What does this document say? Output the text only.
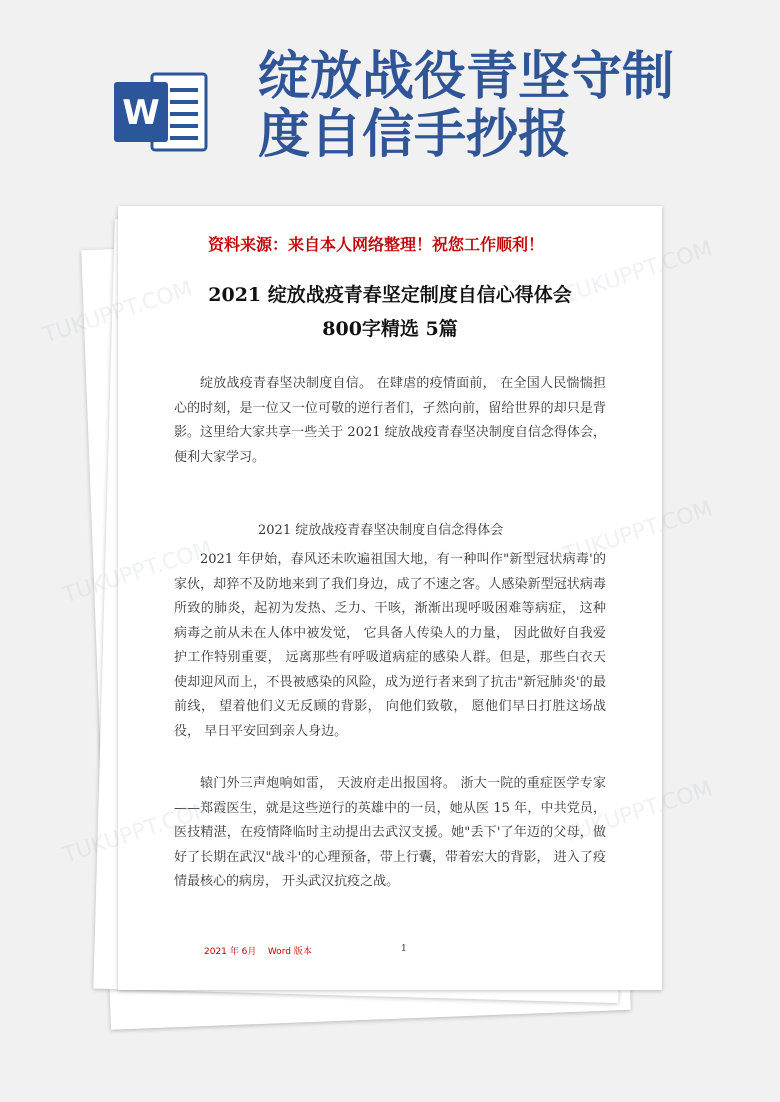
W
绽放战役青坚守制
度自信手抄报

资料来源：来自本人网络整理！祝您工作顺利！

2021 绽放战疫青春坚定制度自信心得体会
800字精选 5篇

绽放战疫青春坚决制度自信。 在肆虐的疫情面前， 在全国人民惴惴担心的时刻，是一位又一位可敬的逆行者们，孑然向前，留给世界的却只是背影。这里给大家共享一些关于 2021 绽放战疫青春坚决制度自信念得体会，便利大家学习。

2021 绽放战疫青春坚决制度自信念得体会

2021 年伊始，春风还未吹遍祖国大地，有一种叫作"新型冠状病毒'的家伙，却猝不及防地来到了我们身边，成了不速之客。人感染新型冠状病毒所致的肺炎，起初为发热、乏力、干咳，渐渐出现呼吸困难等病症， 这种病毒之前从未在人体中被发觉， 它具备人传染人的力量， 因此做好自我爱护工作特别重要， 远离那些有呼吸道病症的感染人群。但是，那些白衣天使却迎风而上，不畏被感染的风险，成为逆行者来到了抗击"新冠肺炎'的最前线， 望着他们义无反顾的背影， 向他们致敬， 愿他们早日打胜这场战役， 早日平安回到亲人身边。

辕门外三声炮响如雷， 天波府走出报国将。 浙大一院的重症医学专家 ——郑霞医生，就是这些逆行的英雄中的一员，她从医 15 年，中共党员，医技精湛，在疫情降临时主动提出去武汉支援。她"丢下'了年迈的父母，做好了长期在武汉"战斗'的心理预备，带上行囊，带着宏大的背影， 进入了疫情最核心的病房， 开头武汉抗疫之战。

2021 年 6月 Word 版本	1
